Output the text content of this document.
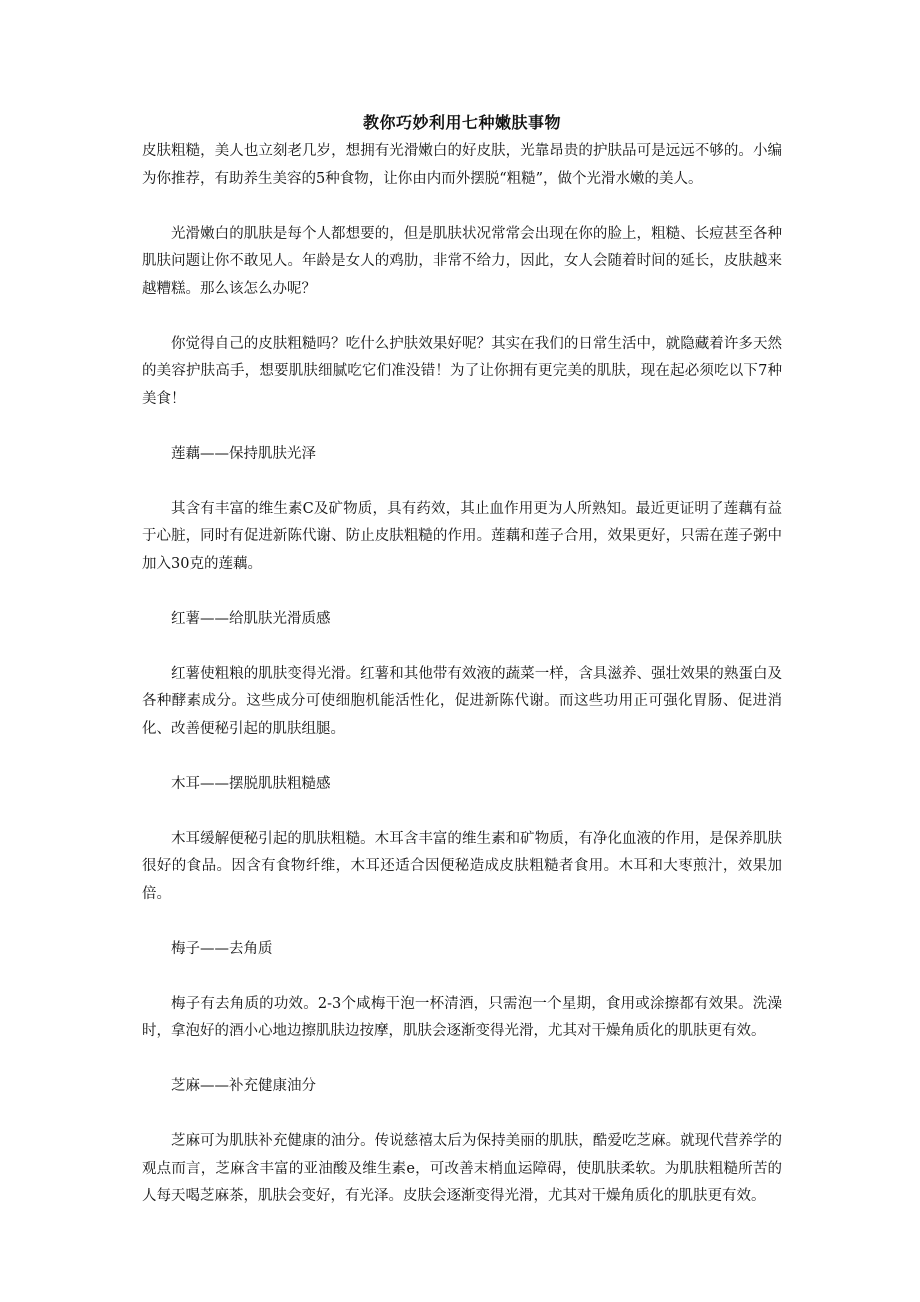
教你巧妙利用七种嫩肤事物

皮肤粗糙，美人也立刻老几岁，想拥有光滑嫩白的好皮肤，光靠昂贵的护肤品可是远远不够的。小编为你推荐，有助养生美容的5种食物，让你由内而外摆脱“粗糙”，做个光滑水嫩的美人。

光滑嫩白的肌肤是每个人都想要的，但是肌肤状况常常会出现在你的脸上，粗糙、长痘甚至各种肌肤问题让你不敢见人。年龄是女人的鸡肋，非常不给力，因此，女人会随着时间的延长，皮肤越来越糟糕。那么该怎么办呢？

你觉得自己的皮肤粗糙吗？吃什么护肤效果好呢？其实在我们的日常生活中，就隐藏着许多天然的美容护肤高手，想要肌肤细腻吃它们准没错！为了让你拥有更完美的肌肤，现在起必须吃以下7种美食！

莲藕——保持肌肤光泽

其含有丰富的维生素C及矿物质，具有药效，其止血作用更为人所熟知。最近更证明了莲藕有益于心脏，同时有促进新陈代谢、防止皮肤粗糙的作用。莲藕和莲子合用，效果更好，只需在莲子粥中加入30克的莲藕。

红薯——给肌肤光滑质感

红薯使粗粮的肌肤变得光滑。红薯和其他带有效液的蔬菜一样，含具滋养、强壮效果的熟蛋白及各种酵素成分。这些成分可使细胞机能活性化，促进新陈代谢。而这些功用正可强化胃肠、促进消化、改善便秘引起的肌肤组腿。

木耳——摆脱肌肤粗糙感

木耳缓解便秘引起的肌肤粗糙。木耳含丰富的维生素和矿物质，有净化血液的作用，是保养肌肤很好的食品。因含有食物纤维，木耳还适合因便秘造成皮肤粗糙者食用。木耳和大枣煎汁，效果加倍。

梅子——去角质

梅子有去角质的功效。2-3个咸梅干泡一杯清酒，只需泡一个星期，食用或涂擦都有效果。洗澡时，拿泡好的酒小心地边擦肌肤边按摩，肌肤会逐渐变得光滑，尤其对干燥角质化的肌肤更有效。

芝麻——补充健康油分

芝麻可为肌肤补充健康的油分。传说慈禧太后为保持美丽的肌肤，酷爱吃芝麻。就现代营养学的观点而言，芝麻含丰富的亚油酸及维生素e，可改善末梢血运障碍，使肌肤柔软。为肌肤粗糙所苦的人每天喝芝麻茶，肌肤会变好，有光泽。皮肤会逐渐变得光滑，尤其对干燥角质化的肌肤更有效。
